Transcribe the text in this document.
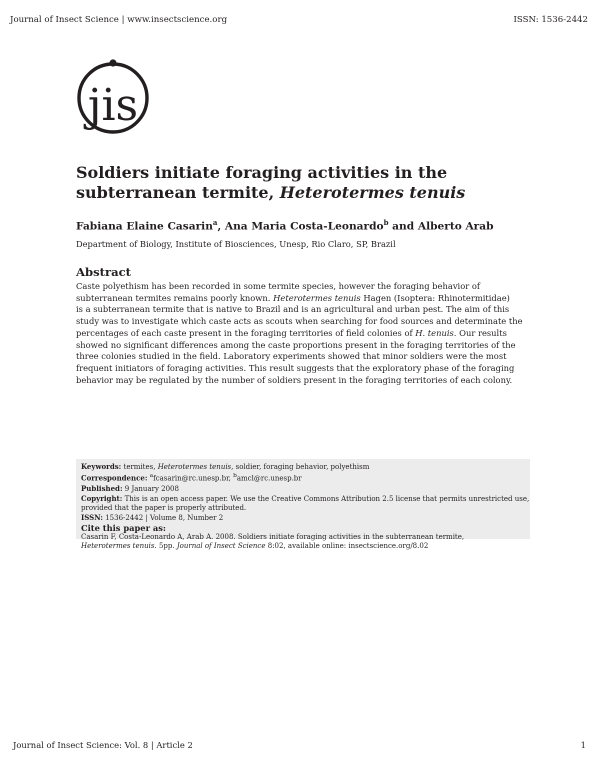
Journal of Insect Science | www.insectscience.org	ISSN: 1536-2442
jis
Soldiers initiate foraging activities in the
subterranean termite, Heterotermes tenuis

Fabiana Elaine Casarin$^a$, Ana Maria Costa-Leonardo$^b$ and Alberto Arab

Department of Biology, Institute of Biosciences, Unesp, Rio Claro, SP, Brazil
Abstract

Caste polyethism has been recorded in some termite species, however the foraging behavior of
subterranean termites remains poorly known. Heterotermes tenuis Hagen (Isoptera: Rhinotermitidae)
is a subterranean termite that is native to Brazil and is an agricultural and urban pest. The aim of this
study was to investigate which caste acts as scouts when searching for food sources and determinate the
percentages of each caste present in the foraging territories of field colonies of H. tenuis. Our results
showed no significant differences among the caste proportions present in the foraging territories of the
three colonies studied in the field. Laboratory experiments showed that minor soldiers were the most
frequent initiators of foraging activities. This result suggests that the exploratory phase of the foraging
behavior may be regulated by the number of soldiers present in the foraging territories of each colony.

Keywords: termites, Heterotermes tenuis, soldier, foraging behavior, polyethism
Correspondence: $^a$fcasarin@rc.unesp.br, $^b$amcl@rc.unesp.br
Published: 9 January 2008
Copyright: This is an open access paper. We use the Creative Commons Attribution 2.5 license that permits unrestricted use,
provided that the paper is properly attributed.
ISSN: 1536-2442 | Volume 8, Number 2
Cite this paper as:
Casarin F, Costa-Leonardo A, Arab A. 2008. Soldiers initiate foraging activities in the subterranean termite,
Heterotermes tenuis. 5pp. Journal of Insect Science 8:02, available online: insectscience.org/8.02
Journal of Insect Science: Vol. 8 | Article 2	1
